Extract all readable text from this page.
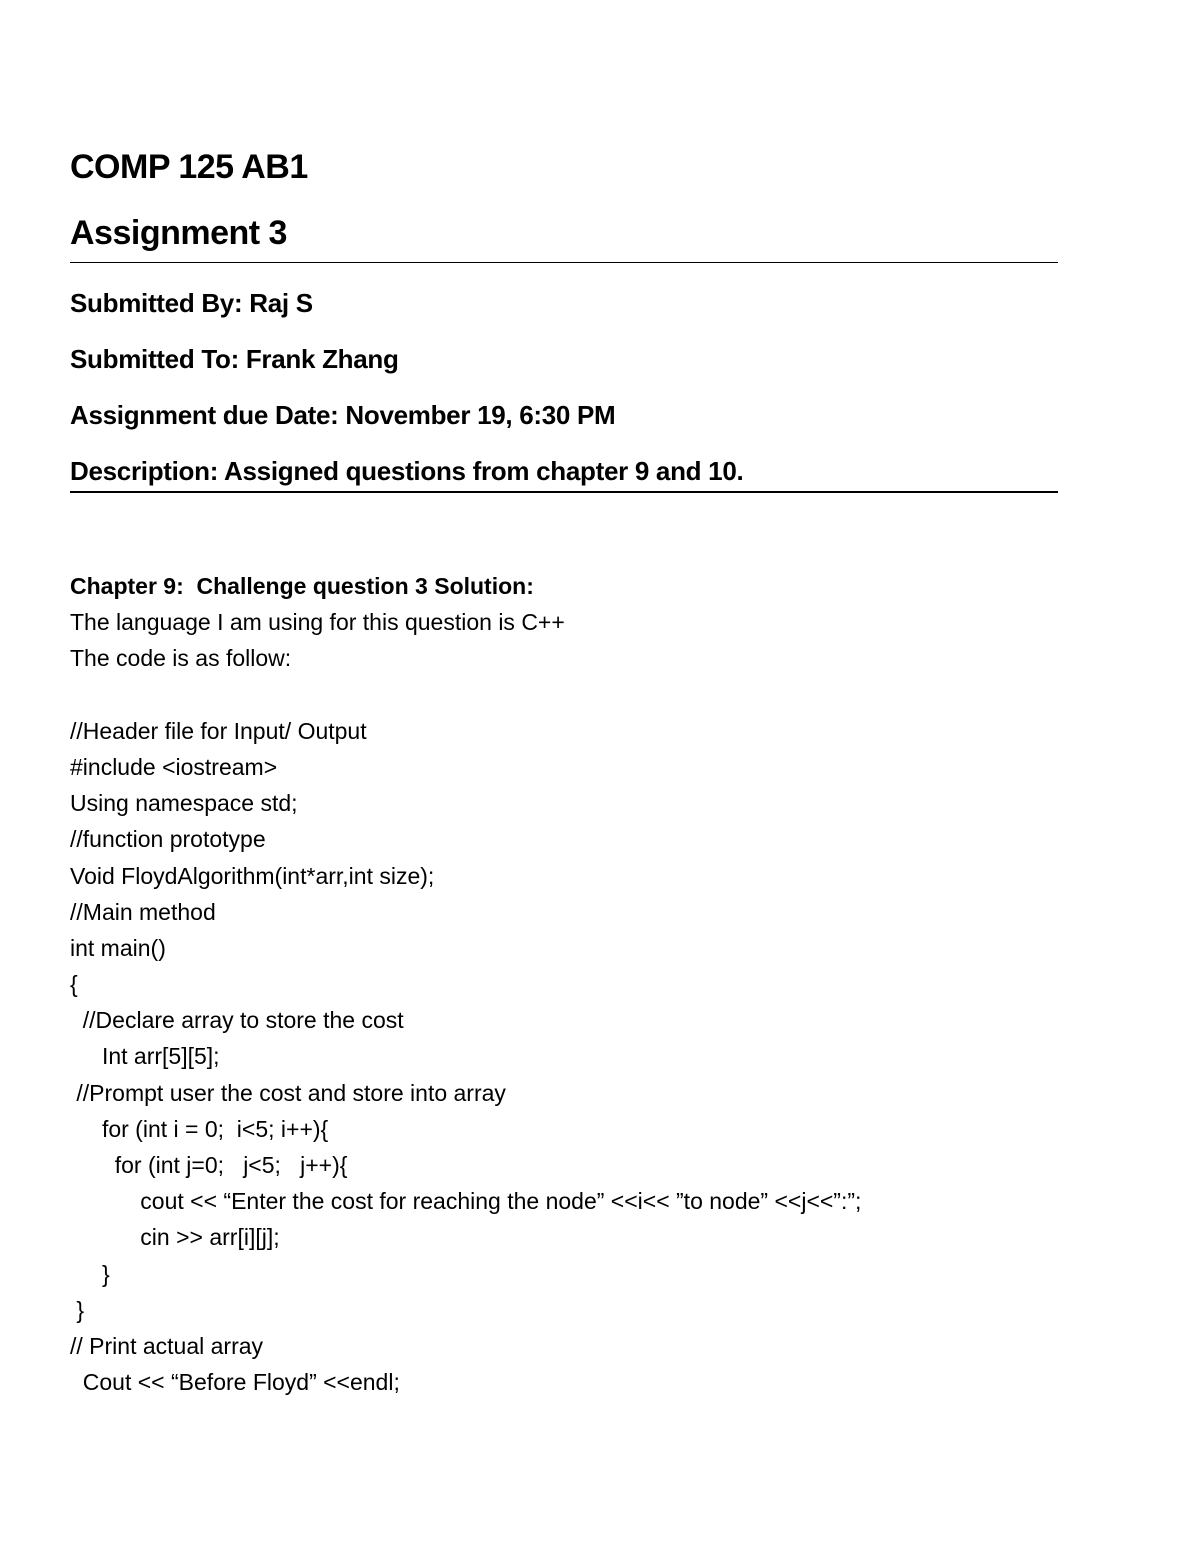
COMP 125 AB1
Assignment 3
Submitted By: Raj S
Submitted To: Frank Zhang
Assignment due Date: November 19, 6:30 PM
Description: Assigned questions from chapter 9 and 10.
Chapter 9:  Challenge question 3 Solution:
The language I am using for this question is C++
The code is as follow:
//Header file for Input/ Output
#include <iostream>
Using namespace std;
//function prototype
Void FloydAlgorithm(int*arr,int size);
//Main method
int main()
{
//Declare array to store the cost
Int arr[5][5];
//Prompt user the cost and store into array
for (int i = 0;  i<5; i++){
for (int j=0;   j<5;   j++){
cout << “Enter the cost for reaching the node” <<i<< ”to node” <<j<<”:”;
cin >> arr[i][j];
}
}
// Print actual array
Cout << “Before Floyd” <<endl;
